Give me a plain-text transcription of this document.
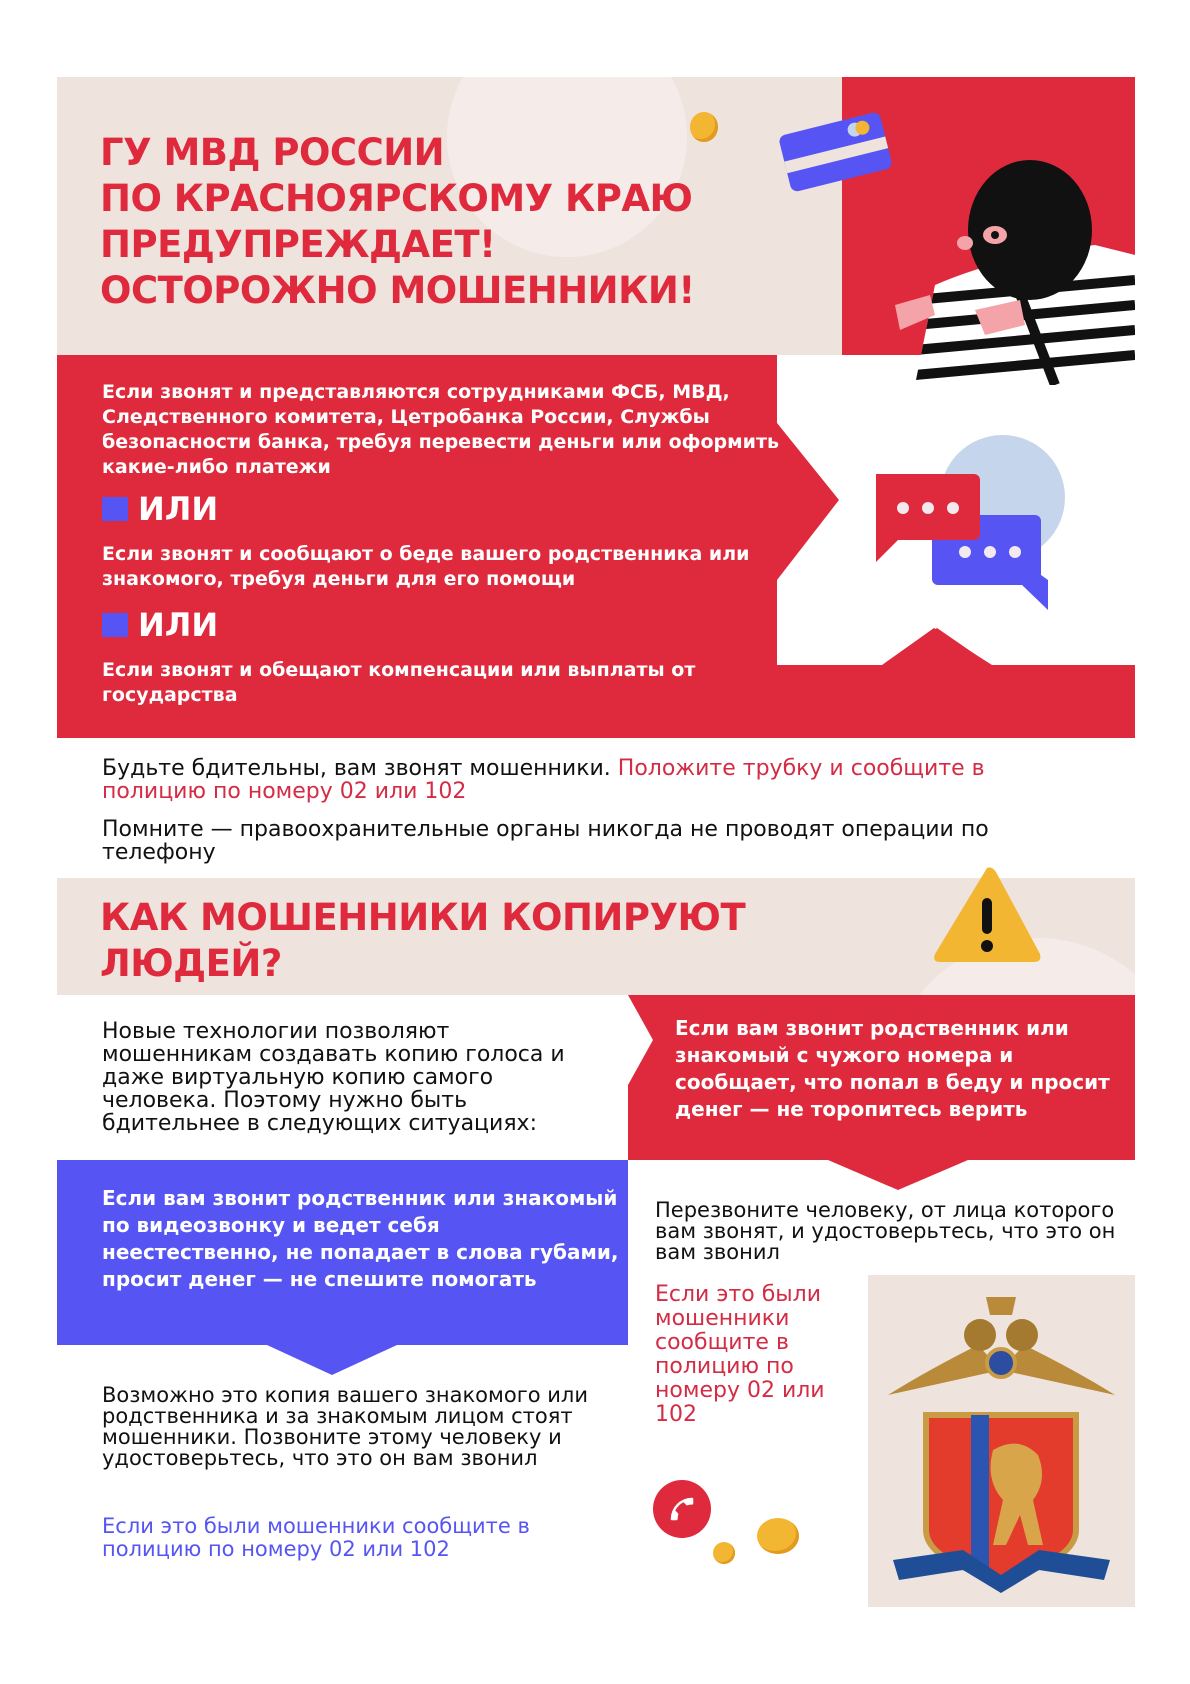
ГУ МВД РОССИИ
ПО КРАСНОЯРСКОМУ КРАЮ
ПРЕДУПРЕЖДАЕТ!
ОСТОРОЖНО МОШЕННИКИ!
Если звонят и представляются сотрудниками ФСБ, МВД, Следственного комитета, Цетробанка России, Службы безопасности банка, требуя перевести деньги или оформить какие-либо платежи
ИЛИ
Если звонят и сообщают о беде вашего родственника или знакомого, требуя деньги для его помощи
ИЛИ
Если звонят и обещают компенсации или выплаты от государства
Будьте бдительны, вам звонят мошенники. Положите трубку и сообщите в полицию по номеру 02 или 102
Помните — правоохранительные органы никогда не проводят операции по телефону
КАК МОШЕННИКИ КОПИРУЮТ
ЛЮДЕЙ?
Новые технологии позволяют мошенникам создавать копию голоса и даже виртуальную копию самого человека. Поэтому нужно быть бдительнее в следующих ситуациях:
Если вам звонит родственник или знакомый с чужого номера и сообщает, что попал в беду и просит денег — не торопитесь верить
Перезвоните человеку, от лица которого вам звонят, и удостоверьтесь, что это он вам звонил
Если это были мошенники сообщите в полицию по номеру 02 или 102
Если вам звонит родственник или знакомый по видеозвонку и ведет себя неестественно, не попадает в слова губами, просит денег — не спешите помогать
Возможно это копия вашего знакомого или родственника и за знакомым лицом стоят мошенники. Позвоните этому человеку и удостоверьтесь, что это он вам звонил
Если это были мошенники сообщите в полицию по номеру 02 или 102
